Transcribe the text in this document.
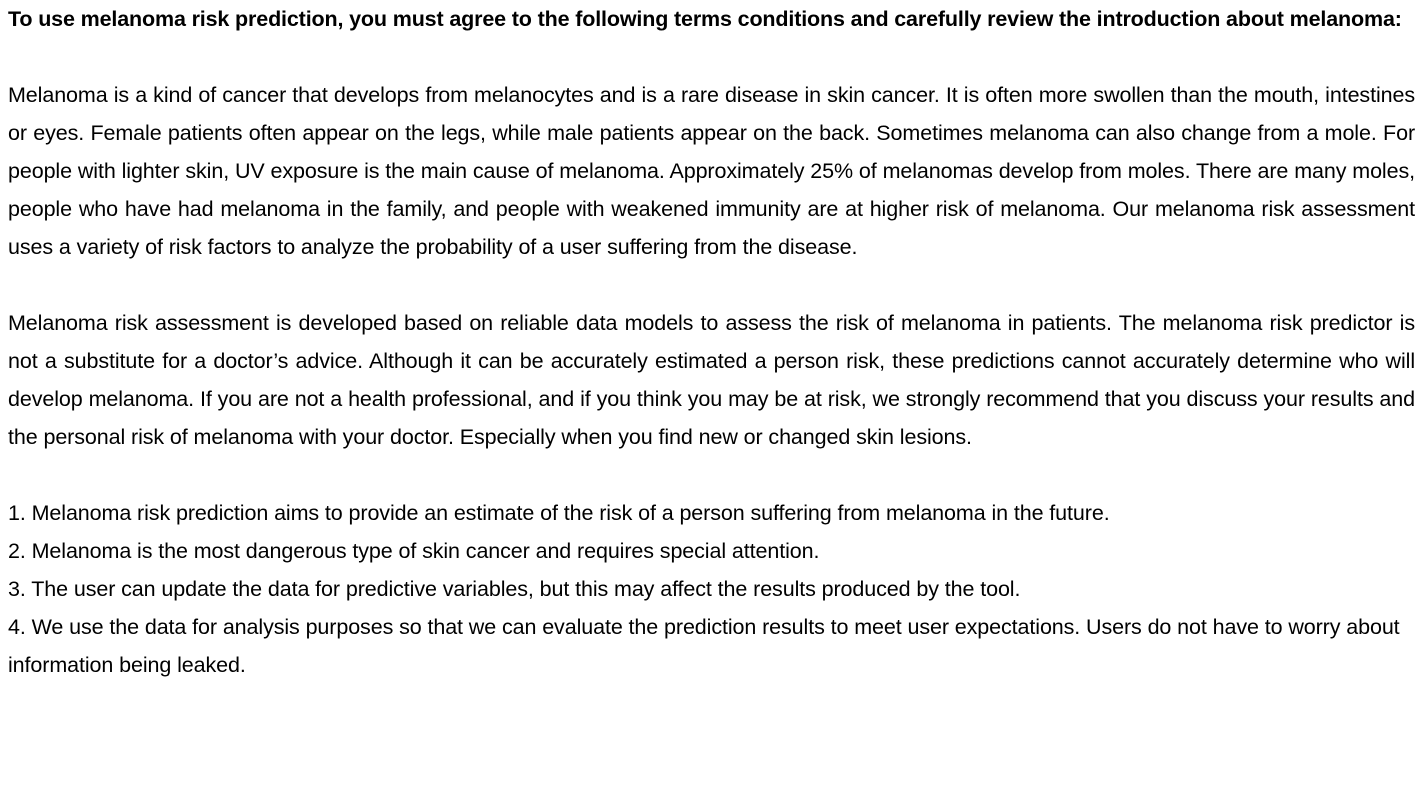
To use melanoma risk prediction, you must agree to the following terms conditions and carefully review the introduction about melanoma:

Melanoma is a kind of cancer that develops from melanocytes and is a rare disease in skin cancer. It is often more swollen than the mouth, intestines or eyes. Female patients often appear on the legs, while male patients appear on the back. Sometimes melanoma can also change from a mole. For people with lighter skin, UV exposure is the main cause of melanoma. Approximately 25% of melanomas develop from moles. There are many moles, people who have had melanoma in the family, and people with weakened immunity are at higher risk of melanoma. Our melanoma risk assessment uses a variety of risk factors to analyze the probability of a user suffering from the disease.

Melanoma risk assessment is developed based on reliable data models to assess the risk of melanoma in patients. The melanoma risk predictor is not a substitute for a doctor’s advice. Although it can be accurately estimated a person risk, these predictions cannot accurately determine who will develop melanoma. If you are not a health professional, and if you think you may be at risk, we strongly recommend that you discuss your results and the personal risk of melanoma with your doctor. Especially when you find new or changed skin lesions.

1. Melanoma risk prediction aims to provide an estimate of the risk of a person suffering from melanoma in the future.
2. Melanoma is the most dangerous type of skin cancer and requires special attention.
3. The user can update the data for predictive variables, but this may affect the results produced by the tool.
4. We use the data for analysis purposes so that we can evaluate the prediction results to meet user expectations. Users do not have to worry about information being leaked.
